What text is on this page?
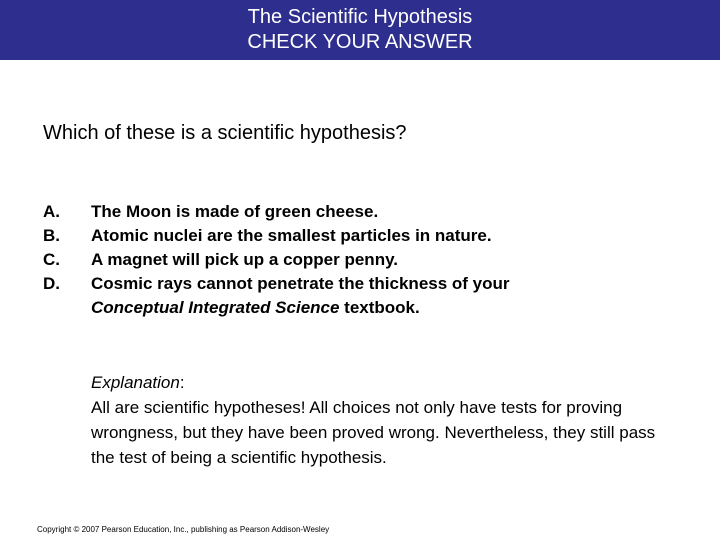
The Scientific Hypothesis
CHECK YOUR ANSWER
Which of these is a scientific hypothesis?
A.	The Moon is made of green cheese.
B.	Atomic nuclei are the smallest particles in nature.
C.	A magnet will pick up a copper penny.
D.	Cosmic rays cannot penetrate the thickness of your
Conceptual Integrated Science textbook.
Explanation:
All are scientific hypotheses! All choices not only have tests for proving wrongness, but they have been proved wrong. Nevertheless, they still pass the test of being a scientific hypothesis.
Copyright © 2007 Pearson Education, Inc., publishing as Pearson Addison-Wesley
